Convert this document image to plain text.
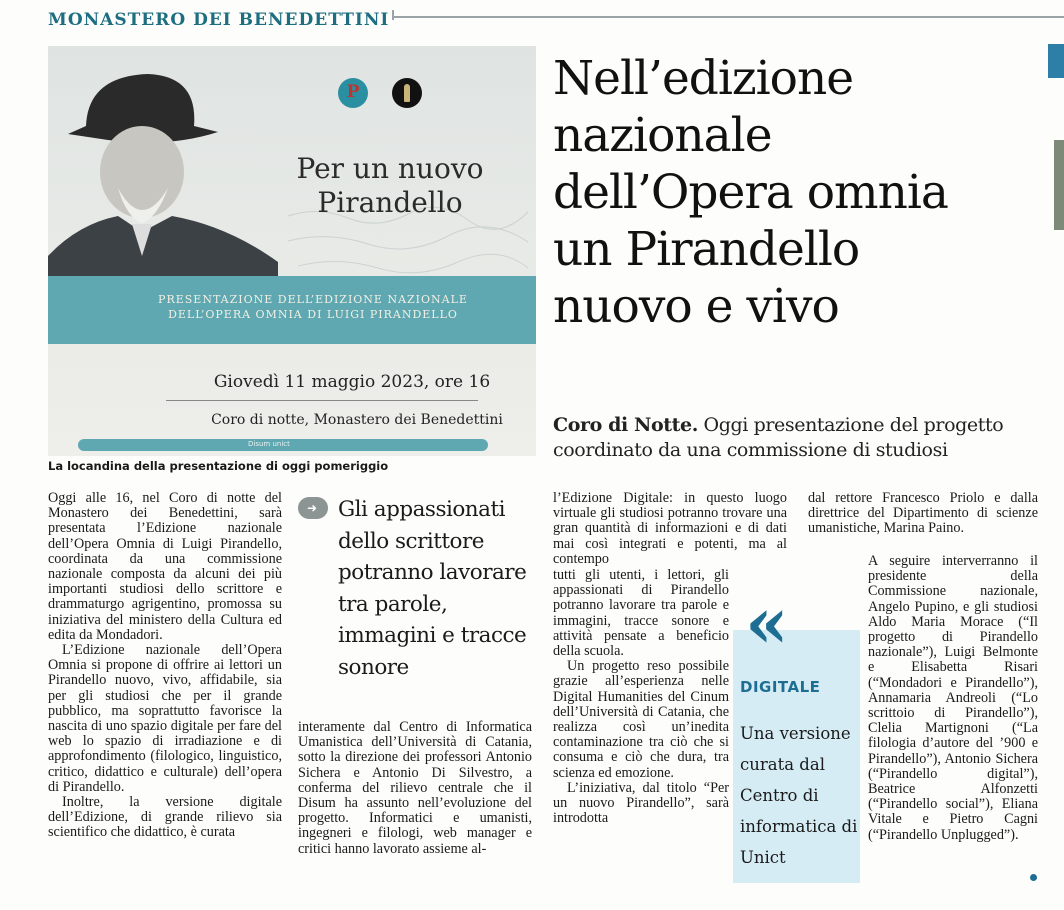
MONASTERO DEI BENEDETTINI
P
Per un nuovo
Pirandello
PRESENTAZIONE DELL’EDIZIONE NAZIONALE
DELL’OPERA OMNIA DI LUIGI PIRANDELLO
Giovedì 11 maggio 2023, ore 16
Coro di notte, Monastero dei Benedettini
Disum unict
La locandina della presentazione di oggi pomeriggio
Nell’edizione
nazionale
dell’Opera omnia
un Pirandello
nuovo e vivo
Coro di Notte. Oggi presentazione del progetto coordinato da una commissione di studiosi

Oggi alle 16, nel Coro di notte del Monastero dei Benedettini, sarà presentata l’Edizione nazionale dell’Opera Omnia di Luigi Pirandello, coordinata da una commissione nazionale composta da alcuni dei più importanti studiosi dello scrittore e drammaturgo agrigentino, promossa su iniziativa del ministero della Cultura ed edita da Mondadori.

L’Edizione nazionale dell’Opera Omnia si propone di offrire ai lettori un Pirandello nuovo, vivo, affidabile, sia per gli studiosi che per il grande pubblico, ma soprattutto favorisce la nascita di uno spazio digitale per fare del web lo spazio di irradiazione e di approfondimento (filologico, linguistico, critico, didattico e culturale) dell’opera di Pirandello.

Inoltre, la versione digitale dell’Edizione, di grande rilievo sia scientifico che didattico, è curata

➜ Gli appassionati dello scrittore potranno lavorare tra parole, immagini e tracce sonore

interamente dal Centro di Informatica Umanistica dell’Università di Catania, sotto la direzione dei professori Antonio Sichera e Antonio Di Silvestro, a conferma del rilievo centrale che il Disum ha assunto nell’evoluzione del progetto. Informatici e umanisti, ingegneri e filologi, web manager e critici hanno lavorato assieme al-

l’Edizione Digitale: in questo luogo virtuale gli studiosi potranno trovare una gran quantità di informazioni e di dati mai così integrati e potenti, ma al contempo

tutti gli utenti, i lettori, gli appassionati di Pirandello potranno lavorare tra parole e immagini, tracce sonore e attività pensate a beneficio della scuola.

Un progetto reso possibile grazie all’esperienza nelle Digital Humanities del Cinum dell’Università di Catania, che realizza così un’inedita contaminazione tra ciò che si consuma e ciò che dura, tra scienza ed emozione.

L’iniziativa, dal titolo “Per un nuovo Pirandello”, sarà introdotta

«
DIGITALE
Una versione curata dal Centro di informatica di Unict

dal rettore Francesco Priolo e dalla direttrice del Dipartimento di scienze umanistiche, Marina Paino.

A seguire interverranno il presidente della Commissione nazionale, Angelo Pupino, e gli studiosi Aldo Maria Morace (“Il progetto di Pirandello nazionale”), Luigi Belmonte e Elisabetta Risari (“Mondadori e Pirandello”), Annamaria Andreoli (“Lo scrittoio di Pirandello”), Clelia Martignoni (“La filologia d’autore del ’900 e Pirandello”), Antonio Sichera (“Pirandello digital”), Beatrice Alfonzetti (“Pirandello social”), Eliana Vitale e Pietro Cagni (“Pirandello Unplugged”).
